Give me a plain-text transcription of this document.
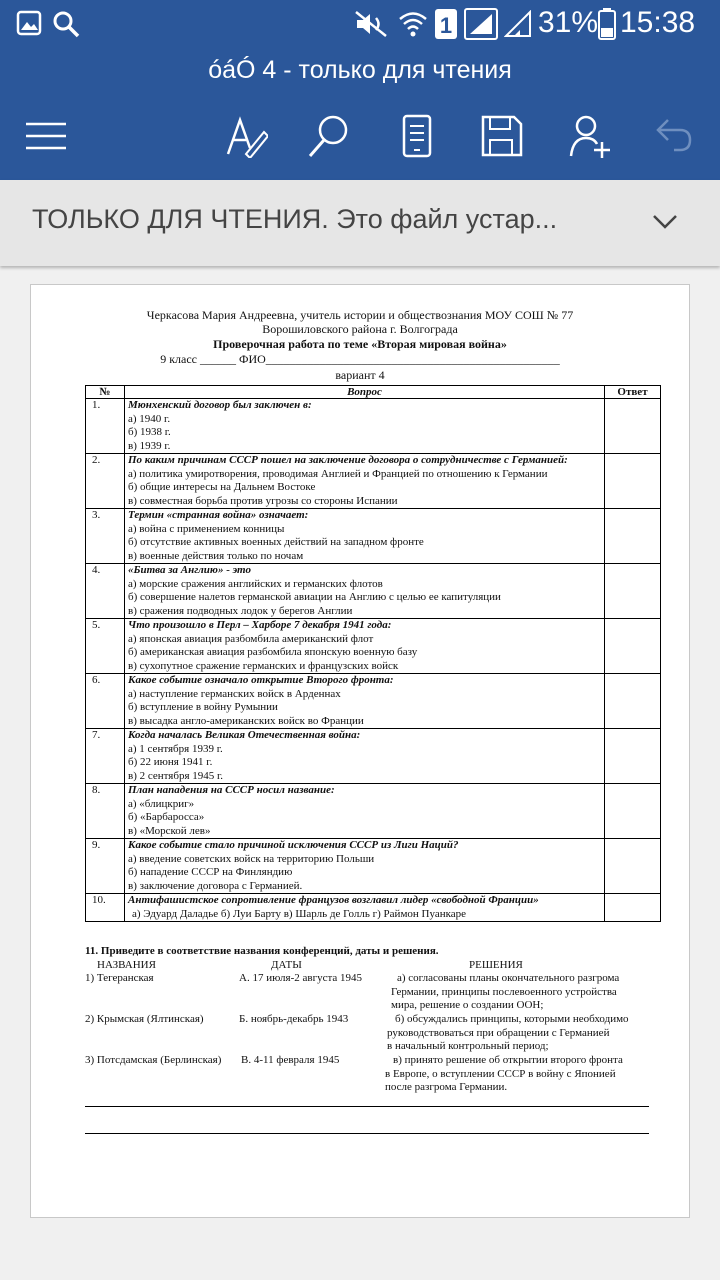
1	31% 15:38
óáÓ 4 - только для чтения
ТОЛЬКО ДЛЯ ЧТЕНИЯ. Это файл устар...
Черкасова Мария Андреевна, учитель истории и обществознания МОУ СОШ № 77
Ворошиловского района г. Волгограда
Проверочная работа по теме «Вторая мировая война»
9 класс ______ ФИО_________________________________________________
вариант 4
№	Вопрос	Ответ
1.	Мюнхенский договор был заключен в:
а) 1940 г.
б) 1938 г.
в) 1939 г.	

2.	По каким причинам СССР пошел на заключение договора о сотрудничестве с Германией:
а) политика умиротворения, проводимая Англией и Францией по отношению к Германии
б) общие интересы на Дальнем Востоке
в) совместная борьба против угрозы со стороны Испании	

3.	Термин «странная война» означает:
а) война с применением конницы
б) отсутствие активных военных действий на западном фронте
в) военные действия только по ночам	

4.	«Битва за Англию» - это
а) морские сражения английских и германских флотов
б) совершение налетов германской авиации на Англию с целью ее капитуляции
в) сражения подводных лодок у берегов Англии	

5.	Что произошло в Перл – Харборе 7 декабря 1941 года:
а) японская авиация разбомбила американский флот
б) американская авиация разбомбила японскую военную базу
в) сухопутное сражение германских и французских войск	

6.	Какое событие означало открытие Второго фронта:
а) наступление германских войск в Арденнах
б) вступление в войну Румынии
в) высадка англо-американских войск во Франции	

7.	Когда началась Великая Отечественная война:
а) 1 сентября 1939 г.
б) 22 июня 1941 г.
в) 2 сентября 1945 г.	

8.	План нападения на СССР носил название:
а) «блицкриг»
б) «Барбаросса»
в) «Морской лев»	

9.	Какое событие стало причиной исключения СССР из Лиги Наций?
а) введение советских войск на территорию Польши
б) нападение СССР на Финляндию
в) заключение договора с Германией.	

10.	Антифашистское сопротивление французов возглавил лидер «свободной Франции»
а) Эдуард Даладье б) Луи Барту в) Шарль де Голль г) Раймон Пуанкаре	

11. Приведите в соответствие названия конференций, даты и решения.
НАЗВАНИЯ	ДАТЫ	РЕШЕНИЯ
1) Тегеранская	А. 17 июля-2 августа 1945	а) согласованы планы окончательного разгрома
Германии, принципы послевоенного устройства
мира, решение о создании ООН;
2) Крымская (Ялтинская)	Б. ноябрь-декабрь 1943	б) обсуждались принципы, которыми необходимо
руководствоваться при обращении с Германией
в начальный контрольный период;
3) Потсдамская (Берлинская) В. 4-11 февраля 1945	в) принято решение об открытии второго фронта
в Европе, о вступлении СССР в войну с Японией
после разгрома Германии.
